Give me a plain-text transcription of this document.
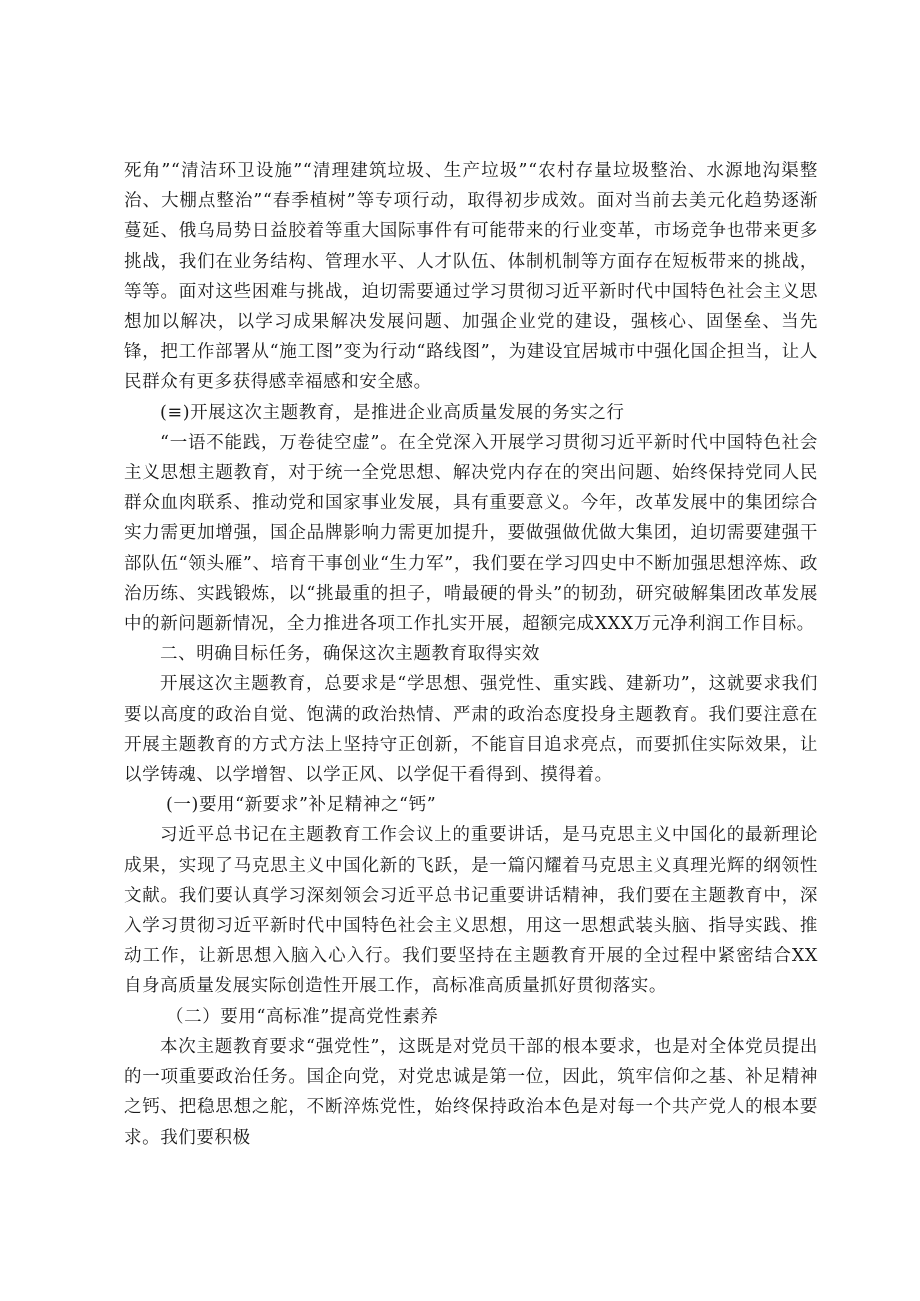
死角”“清洁环卫设施”“清理建筑垃圾、生产垃圾”“农村存量垃圾整治、水源地沟渠整治、大棚点整治”“春季植树”等专项行动，取得初步成效。面对当前去美元化趋势逐渐蔓延、俄乌局势日益胶着等重大国际事件有可能带来的行业变革，市场竞争也带来更多挑战，我们在业务结构、管理水平、人才队伍、体制机制等方面存在短板带来的挑战，等等。面对这些困难与挑战，迫切需要通过学习贯彻习近平新时代中国特色社会主义思想加以解决，以学习成果解决发展问题、加强企业党的建设，强核心、固堡垒、当先锋，把工作部署从“施工图”变为行动“路线图”，为建设宜居城市中强化国企担当，让人民群众有更多获得感幸福感和安全感。

(≡)开展这次主题教育，是推进企业高质量发展的务实之行

“一语不能践，万卷徒空虚”。在全党深入开展学习贯彻习近平新时代中国特色社会主义思想主题教育，对于统一全党思想、解决党内存在的突出问题、始终保持党同人民群众血肉联系、推动党和国家事业发展，具有重要意义。今年，改革发展中的集团综合实力需更加增强，国企品牌影响力需更加提升，要做强做优做大集团，迫切需要建强干部队伍“领头雁”、培育干事创业“生力军”，我们要在学习四史中不断加强思想淬炼、政治历练、实践锻炼，以“挑最重的担子，啃最硬的骨头”的韧劲，研究破解集团改革发展中的新问题新情况，全力推进各项工作扎实开展，超额完成XXX万元净利润工作目标。

二、明确目标任务，确保这次主题教育取得实效

开展这次主题教育，总要求是“学思想、强党性、重实践、建新功”，这就要求我们要以高度的政治自觉、饱满的政治热情、严肃的政治态度投身主题教育。我们要注意在开展主题教育的方式方法上坚持守正创新，不能盲目追求亮点，而要抓住实际效果，让以学铸魂、以学增智、以学正风、以学促干看得到、摸得着。

(一)要用“新要求”补足精神之“钙”

习近平总书记在主题教育工作会议上的重要讲话，是马克思主义中国化的最新理论成果，实现了马克思主义中国化新的飞跃，是一篇闪耀着马克思主义真理光辉的纲领性文献。我们要认真学习深刻领会习近平总书记重要讲话精神，我们要在主题教育中，深入学习贯彻习近平新时代中国特色社会主义思想，用这一思想武装头脑、指导实践、推动工作，让新思想入脑入心入行。我们要坚持在主题教育开展的全过程中紧密结合XX自身高质量发展实际创造性开展工作，高标准高质量抓好贯彻落实。

（二）要用“高标准”提高党性素养

本次主题教育要求“强党性”，这既是对党员干部的根本要求，也是对全体党员提出的一项重要政治任务。国企向党，对党忠诚是第一位，因此，筑牢信仰之基、补足精神之钙、把稳思想之舵，不断淬炼党性，始终保持政治本色是对每一个共产党人的根本要求。我们要积极
